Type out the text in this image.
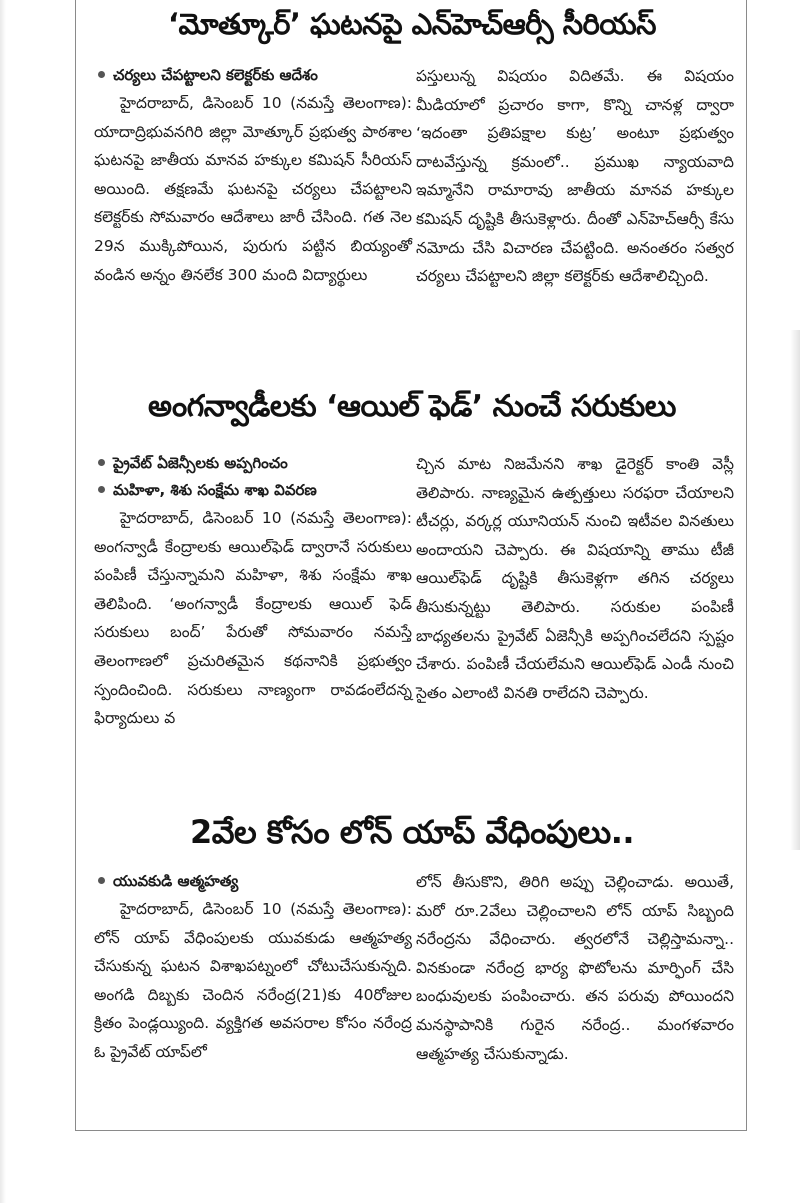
‘మోత్కూర్’ ఘటనపై ఎన్‌హెచ్‌ఆర్సీ సీరియస్
చర్యలు చేపట్టాలని కలెక్టర్‌కు ఆదేశం
హైదరాబాద్, డిసెంబర్ 10 (నమస్తే తెలంగాణ): యాదాద్రిభువనగిరి జిల్లా మోత్కూర్ ప్రభుత్వ పాఠశాల ఘటనపై జాతీయ మానవ హక్కుల కమిషన్ సీరియస్ అయింది. తక్షణమే ఘటనపై చర్యలు చేపట్టాలని కలెక్టర్‌కు సోమవారం ఆదేశాలు జారీ చేసింది. గత నెల 29న ముక్కిపోయిన, పురుగు పట్టిన బియ్యంతో వండిన అన్నం తినలేక 300 మంది విద్యార్థులు
పస్తులున్న విషయం విదితమే. ఈ విషయం మీడియాలో ప్రచారం కాగా, కొన్ని చానళ్ల ద్వారా ‘ఇదంతా ప్రతిపక్షాల కుట్ర’ అంటూ ప్రభుత్వం దాటవేస్తున్న క్రమంలో.. ప్రముఖ న్యాయవాది ఇమ్మానేని రామారావు జాతీయ మానవ హక్కుల కమిషన్ దృష్టికి తీసుకెళ్లారు. దీంతో ఎన్‌హెచ్‌ఆర్సీ కేసు నమోదు చేసి విచారణ చేపట్టింది. అనంతరం సత్వర చర్యలు చేపట్టాలని జిల్లా కలెక్టర్‌కు ఆదేశాలిచ్చింది.
అంగన్వాడీలకు ‘ఆయిల్ ఫెడ్’ నుంచే సరుకులు
ప్రైవేట్ ఏజెన్సీలకు అప్పగించం
మహిళా, శిశు సంక్షేమ శాఖ వివరణ
హైదరాబాద్, డిసెంబర్ 10 (నమస్తే తెలంగాణ): అంగన్వాడీ కేంద్రాలకు ఆయిల్‌ఫెడ్ ద్వారానే సరుకులు పంపిణీ చేస్తున్నామని మహిళా, శిశు సంక్షేమ శాఖ తెలిపింది. ‘అంగన్వాడీ కేంద్రాలకు ఆయిల్ ఫెడ్ సరుకులు బంద్’ పేరుతో సోమవారం నమస్తే తెలంగాణలో ప్రచురితమైన కథనానికి ప్రభుత్వం స్పందించింది. సరుకులు నాణ్యంగా రావడంలేదన్న ఫిర్యాదులు వ
చ్చిన మాట నిజమేనని శాఖ డైరెక్టర్ కాంతి వెస్లీ తెలిపారు. నాణ్యమైన ఉత్పత్తులు సరఫరా చేయాలని టీచర్లు, వర్కర్ల యూనియన్ నుంచి ఇటీవల వినతులు అందాయని చెప్పారు. ఈ విషయాన్ని తాము టీజీ ఆయిల్‌ఫెడ్ దృష్టికి తీసుకెళ్లగా తగిన చర్యలు తీసుకున్నట్టు తెలిపారు. సరుకుల పంపిణీ బాధ్యతలను ప్రైవేట్ ఏజెన్సీకి అప్పగించలేదని స్పష్టం చేశారు. పంపిణీ చేయలేమని ఆయిల్‌ఫెడ్ ఎండీ నుంచి సైతం ఎలాంటి వినతి రాలేదని చెప్పారు.
2వేల కోసం లోన్ యాప్ వేధింపులు..
యువకుడి ఆత్మహత్య
హైదరాబాద్, డిసెంబర్ 10 (నమస్తే తెలంగాణ): లోన్ యాప్ వేధింపులకు యువకుడు ఆత్మహత్య చేసుకున్న ఘటన విశాఖపట్నంలో చోటుచేసుకున్నది. అంగడి దిబ్బకు చెందిన నరేంద్ర(21)కు 40రోజుల క్రితం పెండ్లయ్యింది. వ్యక్తిగత అవసరాల కోసం నరేంద్ర ఓ ప్రైవేట్ యాప్‌లో
లోన్ తీసుకొని, తిరిగి అప్పు చెల్లించాడు. అయితే, మరో రూ.2వేలు చెల్లించాలని లోన్ యాప్ సిబ్బంది నరేంద్రను వేధించారు. త్వరలోనే చెల్లిస్తామన్నా.. వినకుండా నరేంద్ర భార్య ఫొటోలను మార్ఫింగ్ చేసి బంధువులకు పంపించారు. తన పరువు పోయిందని మనస్థాపానికి గురైన నరేంద్ర.. మంగళవారం ఆత్మహత్య చేసుకున్నాడు.
